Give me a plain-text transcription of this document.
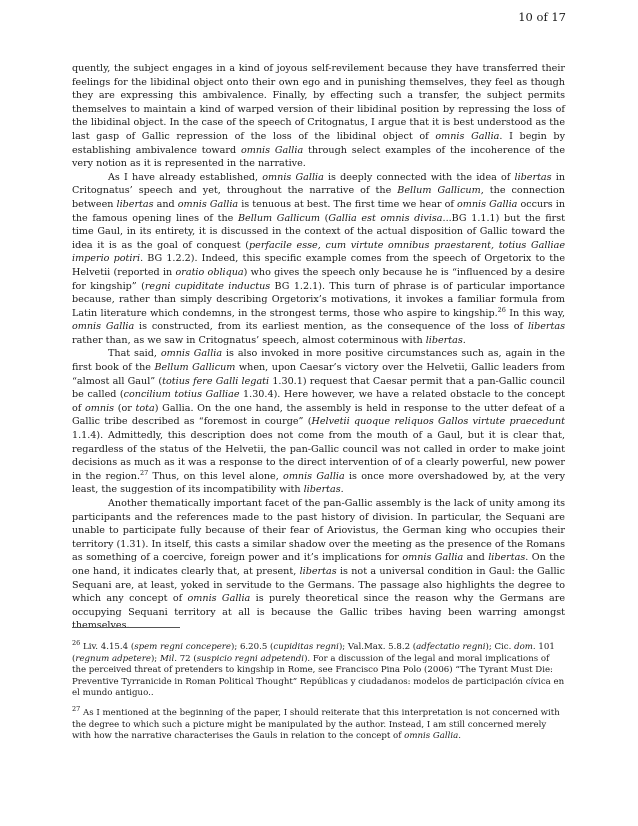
10 of 17

quently, the subject engages in a kind of joyous self-revilement because they have transferred their feelings for the libidinal object onto their own ego and in punishing themselves, they feel as though they are expressing this ambivalence. Finally, by effecting such a transfer, the subject permits themselves to maintain a kind of warped version of their libidinal position by repressing the loss of the libidinal object. In the case of the speech of Critognatus, I argue that it is best understood as the last gasp of Gallic repression of the loss of the libidinal object of omnis Gallia. I begin by establishing ambivalence toward omnis Gallia through select examples of the incoherence of the very notion as it is represented in the narrative.

As I have already established, omnis Gallia is deeply connected with the idea of libertas in Critognatus’ speech and yet, throughout the narrative of the Bellum Gallicum, the connection between libertas and omnis Gallia is tenuous at best. The first time we hear of omnis Gallia occurs in the famous opening lines of the Bellum Gallicum (Gallia est omnis divisa...BG 1.1.1) but the first time Gaul, in its entirety, it is discussed in the context of the actual disposition of Gallic toward the idea it is as the goal of conquest (perfacile esse, cum virtute omnibus praestarent, totius Galliae imperio potiri. BG 1.2.2). Indeed, this specific example comes from the speech of Orgetorix to the Helvetii (reported in oratio obliqua) who gives the speech only because he is “influenced by a desire for kingship” (regni cupiditate inductus BG 1.2.1). This turn of phrase is of particular importance because, rather than simply describing Orgetorix’s motivations, it invokes a familiar formula from Latin literature which condemns, in the strongest terms, those who aspire to kingship.$^{26}$ In this way, omnis Gallia is constructed, from its earliest mention, as the consequence of the loss of libertas rather than, as we saw in Critognatus’ speech, almost coterminous with libertas.

That said, omnis Gallia is also invoked in more positive circumstances such as, again in the first book of the Bellum Gallicum when, upon Caesar’s victory over the Helvetii, Gallic leaders from “almost all Gaul” (totius fere Galli legati 1.30.1) request that Caesar permit that a pan-Gallic council be called (concilium totius Galliae 1.30.4). Here however, we have a related obstacle to the concept of omnis (or tota) Gallia. On the one hand, the assembly is held in response to the utter defeat of a Gallic tribe described as “foremost in courge” (Helvetii quoque reliquos Gallos virtute praecedunt 1.1.4). Admittedly, this description does not come from the mouth of a Gaul, but it is clear that, regardless of the status of the Helvetii, the pan-Gallic council was not called in order to make joint decisions as much as it was a response to the direct intervention of of a clearly powerful, new power in the region.$^{27}$ Thus, on this level alone, omnis Gallia is once more overshadowed by, at the very least, the suggestion of its incompatibility with libertas.

Another thematically important facet of the pan-Gallic assembly is the lack of unity among its participants and the references made to the past history of division. In particular, the Sequani are unable to participate fully because of their fear of Ariovistus, the German king who occupies their territory (1.31). In itself, this casts a similar shadow over the meeting as the presence of the Romans as something of a coercive, foreign power and it’s implications for omnis Gallia and libertas. On the one hand, it indicates clearly that, at present, libertas is not a universal condition in Gaul: the Gallic Sequani are, at least, yoked in servitude to the Germans. The passage also highlights the degree to which any concept of omnis Gallia is purely theoretical since the reason why the Germans are occupying Sequani territory at all is because the Gallic tribes having been warring amongst themselves.

$^{26}$ Liv. 4.15.4 (spem regni concepere); 6.20.5 (cupiditas regni); Val.Max. 5.8.2 (adfectatio regni); Cic. dom. 101 (regnum adpetere); Mil. 72 (suspicio regni adpetendi). For a discussion of the legal and moral implications of the perceived threat of pretenders to kingship in Rome, see Francisco Pina Polo (2006) “The Tyrant Must Die: Preventive Tyrranicide in Roman Political Thought” Repúblicas y ciudadanos: modelos de participación cívica en el mundo antiguo..

$^{27}$ As I mentioned at the beginning of the paper, I should reiterate that this interpretation is not concerned with the degree to which such a picture might be manipulated by the author. Instead, I am still concerned merely with how the narrative characterises the Gauls in relation to the concept of omnis Gallia.
